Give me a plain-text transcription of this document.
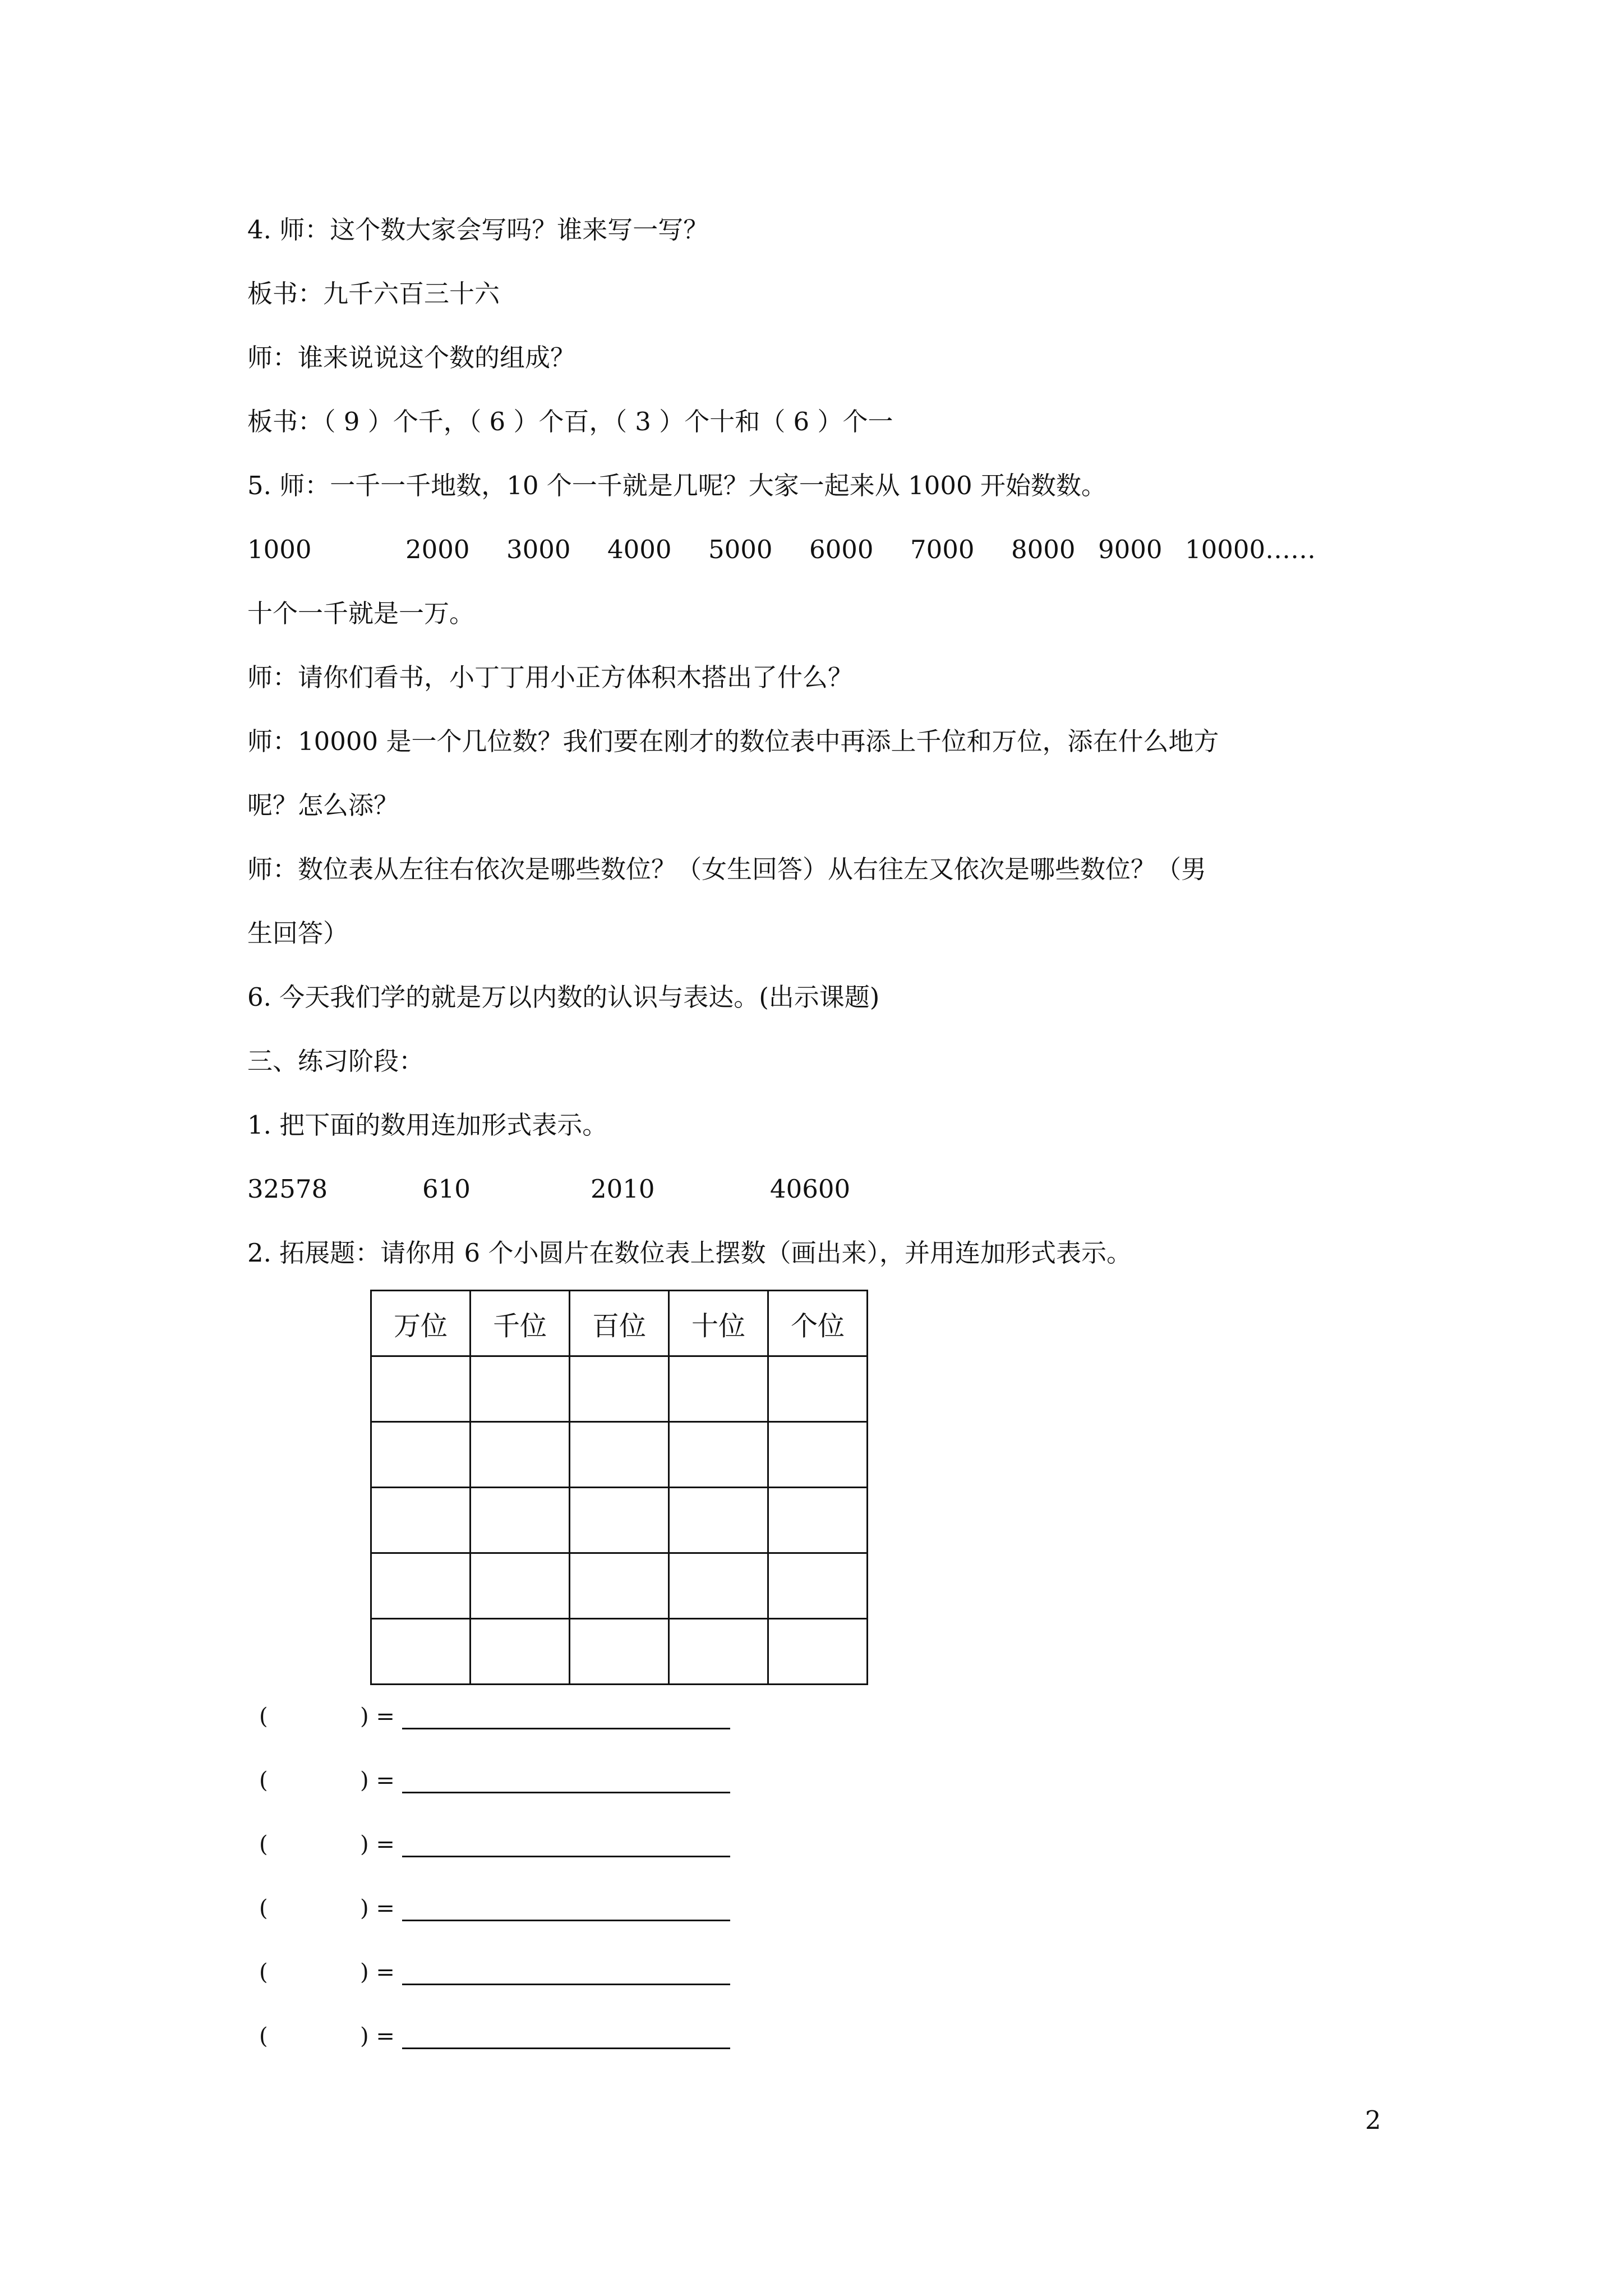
4. 师：这个数大家会写吗？谁来写一写？
板书：九千六百三十六
师：谁来说说这个数的组成？
板书：（ 9 ）个千，（ 6 ）个百，（ 3 ）个十和（ 6 ）个一
5. 师：一千一千地数，10 个一千就是几呢？大家一起来从 1000 开始数数。
1000	2000 3000 4000 5000 6000 7000 8000 9000 10000……
十个一千就是一万。
师：请你们看书，小丁丁用小正方体积木搭出了什么？
师：10000 是一个几位数？我们要在刚才的数位表中再添上千位和万位，添在什么地方
呢？怎么添？
师：数位表从左往右依次是哪些数位？（女生回答）从右往左又依次是哪些数位？（男
生回答）
6. 今天我们学的就是万以内数的认识与表达。(出示课题)
三、练习阶段：
1. 把下面的数用连加形式表示。
32578	610	2010	40600
2. 拓展题：请你用 6 个小圆片在数位表上摆数（画出来），并用连加形式表示。
万位	千位	百位	十位	个位

(	) =
(	) =
(	) =
(	) =
(	) =
(	) =
2
